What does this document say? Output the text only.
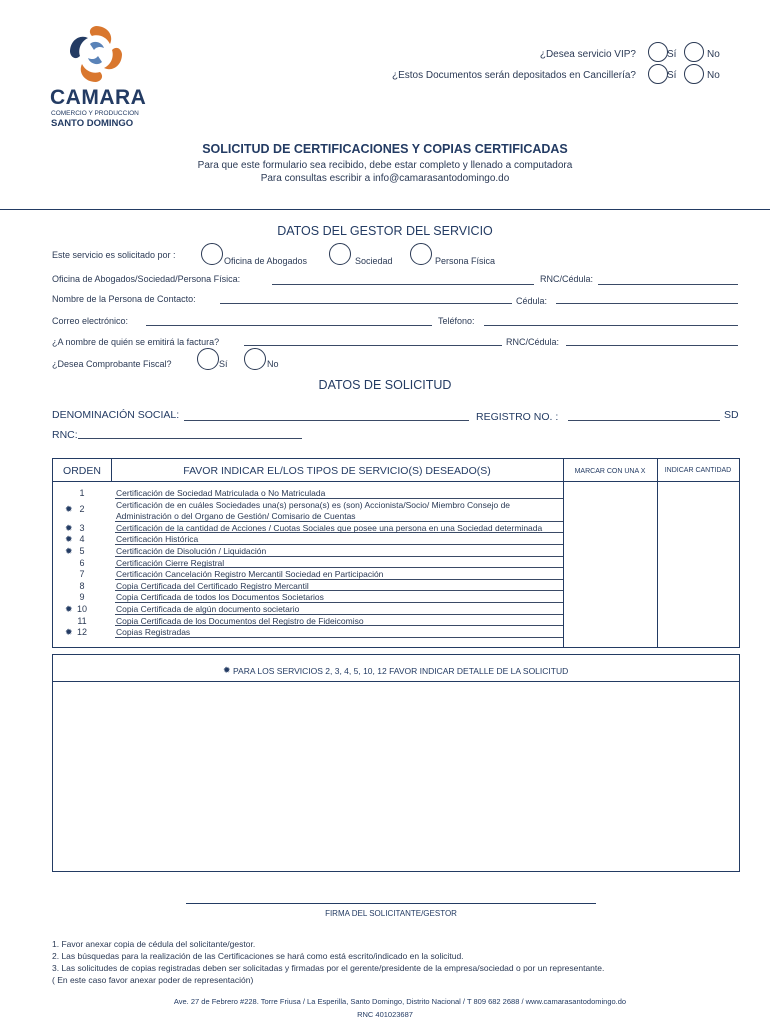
CAMARA
COMERCIO Y PRODUCCION
SANTO DOMINGO
¿Desea servicio VIP?	Sí	No
¿Estos Documentos serán depositados en Cancillería?	Sí	No
SOLICITUD DE CERTIFICACIONES Y COPIAS CERTIFICADAS
Para que este formulario sea recibido, debe estar completo y llenado a computadora
Para consultas escribir a info@camarasantodomingo.do
DATOS DEL GESTOR DEL SERVICIO
Este servicio es solicitado por :
Oficina de Abogados	Sociedad	Persona Física
Oficina de Abogados/Sociedad/Persona Física:	RNC/Cédula:
Nombre de la Persona de Contacto:	Cédula:
Correo electrónico:	Teléfono:
¿A nombre de quién se emitirá la factura?	RNC/Cédula:
¿Desea Comprobante Fiscal?	Sí	No
DATOS DE SOLICITUD
DENOMINACIÓN SOCIAL:	REGISTRO NO. :	SD
RNC:
ORDEN	FAVOR INDICAR EL/LOS TIPOS DE SERVICIO(S) DESEADO(S)	MARCAR CON UNA X	INDICAR CANTIDAD
1	Certificación de Sociedad Matriculada o No Matriculada
✹ 2	Certificación de en cuáles Sociedades una(s) persona(s) es (son) Accionista/Socio/ Miembro Consejo de
Administración o del Organo de Gestión/ Comisario de Cuentas
✹ 3	Certificación de la cantidad de Acciones / Cuotas Sociales que posee una persona en una Sociedad determinada
✹ 4	Certificación Histórica
✹ 5	Certificación de Disolución / Liquidación
6	Certificación Cierre Registral
7	Certificación Cancelación Registro Mercantil Sociedad en Participación
8	Copia Certificada del Certificado Registro Mercantil
9	Copia Certificada de todos los Documentos Societarios
✹ 10	Copia Certificada de algún documento societario
11	Copia Certificada de los Documentos del Registro de Fideicomiso
✹ 12	Copias Registradas
✹ PARA LOS SERVICIOS 2, 3, 4, 5, 10, 12 FAVOR INDICAR DETALLE DE LA SOLICITUD
FIRMA DEL SOLICITANTE/GESTOR
1. Favor anexar copia de cédula del solicitante/gestor.
2. Las búsquedas para la realización de las Certificaciones se hará como está escrito/indicado en la solicitud.
3. Las solicitudes de copias registradas deben ser solicitadas y firmadas por el gerente/presidente de la empresa/sociedad o por un representante.
( En este caso favor anexar poder de representación)
Ave. 27 de Febrero #228. Torre Friusa / La Esperilla, Santo Domingo, Distrito Nacional / T 809 682 2688 / www.camarasantodomingo.do
RNC 401023687
